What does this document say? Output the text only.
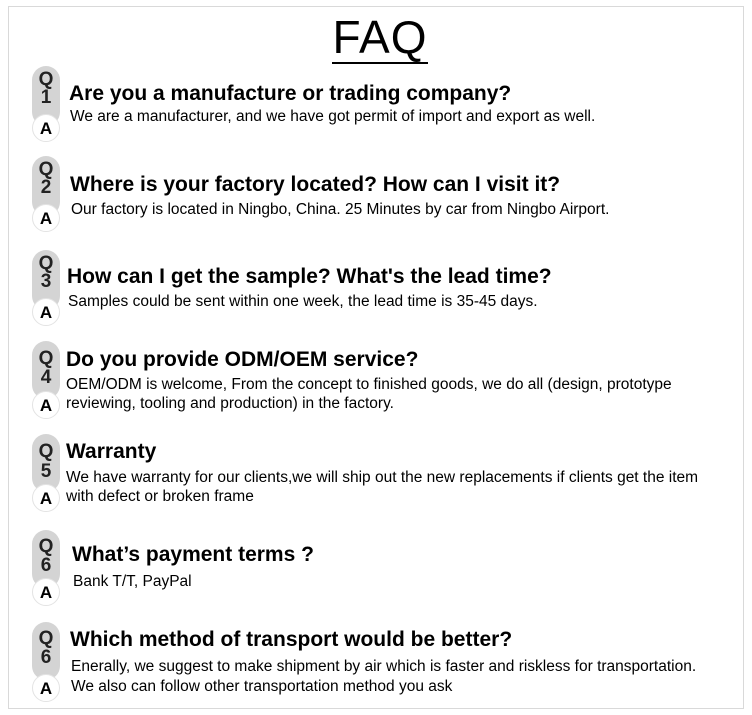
FAQ
Q
1
A
Are you a manufacture or trading company?
We are a manufacturer, and we have got permit of import and export as well.
Q
2
A
Where is your factory located? How can I visit it?
Our factory is located in Ningbo, China. 25 Minutes by car from Ningbo Airport.
Q
3
A
How can I get the sample? What's the lead time?
Samples could be sent within one week, the lead time is 35-45 days.
Q
4
A
Do you provide ODM/OEM service?
OEM/ODM is welcome, From the concept to finished goods, we do all (design, prototype
reviewing, tooling and production) in the factory.
Q
5
A
Warranty
We have warranty for our clients,we will ship out the new replacements if clients get the item
with defect or broken frame
Q
6
A
What’s payment terms ?
Bank T/T, PayPal
Q
6
A
Which method of transport would be better?
Enerally, we suggest to make shipment by air which is faster and riskless for transportation.
We also can follow other transportation method you ask
